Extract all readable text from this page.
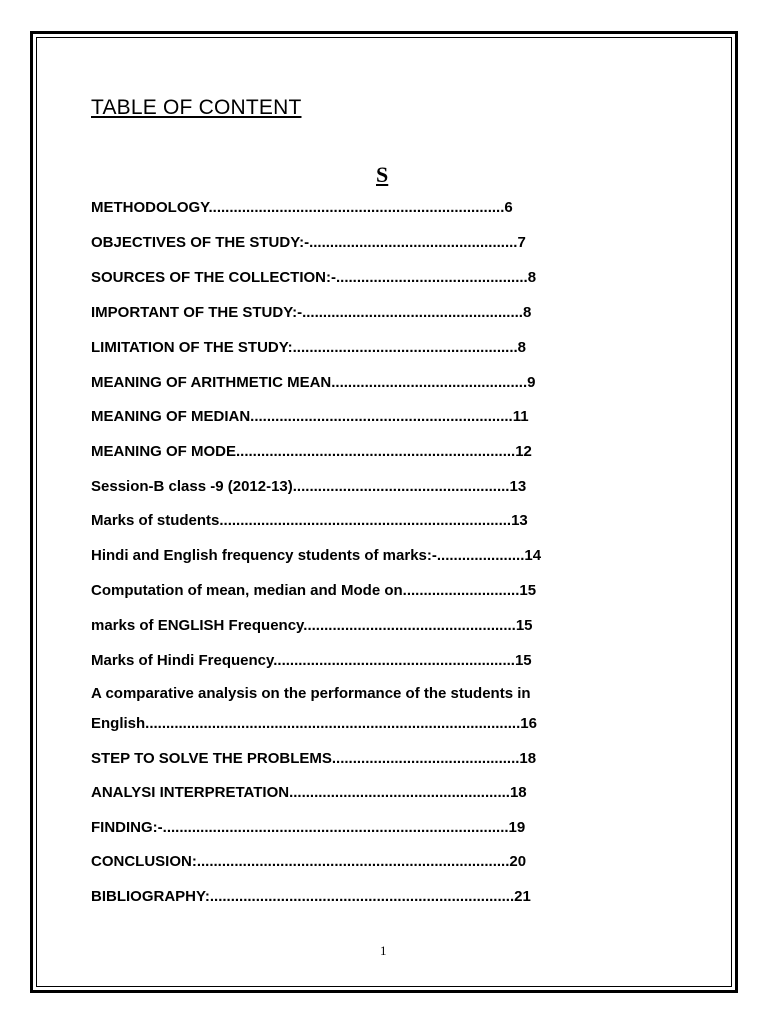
TABLE OF CONTENT
S
METHODOLOGY.......................................................................6
OBJECTIVES OF THE STUDY:-..................................................7
SOURCES OF THE COLLECTION:-..............................................8
IMPORTANT OF THE STUDY:-.....................................................8
LIMITATION OF THE STUDY:......................................................8
MEANING OF ARITHMETIC MEAN...............................................9
MEANING OF MEDIAN...............................................................11
MEANING OF MODE...................................................................12
Session-B class -9 (2012-13)....................................................13
Marks of students......................................................................13
Hindi and English frequency students of marks:-.....................14
Computation of mean, median and Mode on............................15
marks of ENGLISH Frequency...................................................15
Marks of Hindi Frequency..........................................................15
A comparative analysis on the performance of the students in English..........................................................................................16
STEP TO SOLVE THE PROBLEMS.............................................18
ANALYSI INTERPRETATION.....................................................18
FINDING:-...................................................................................19
CONCLUSION:...........................................................................20
BIBLIOGRAPHY:.........................................................................21
1
